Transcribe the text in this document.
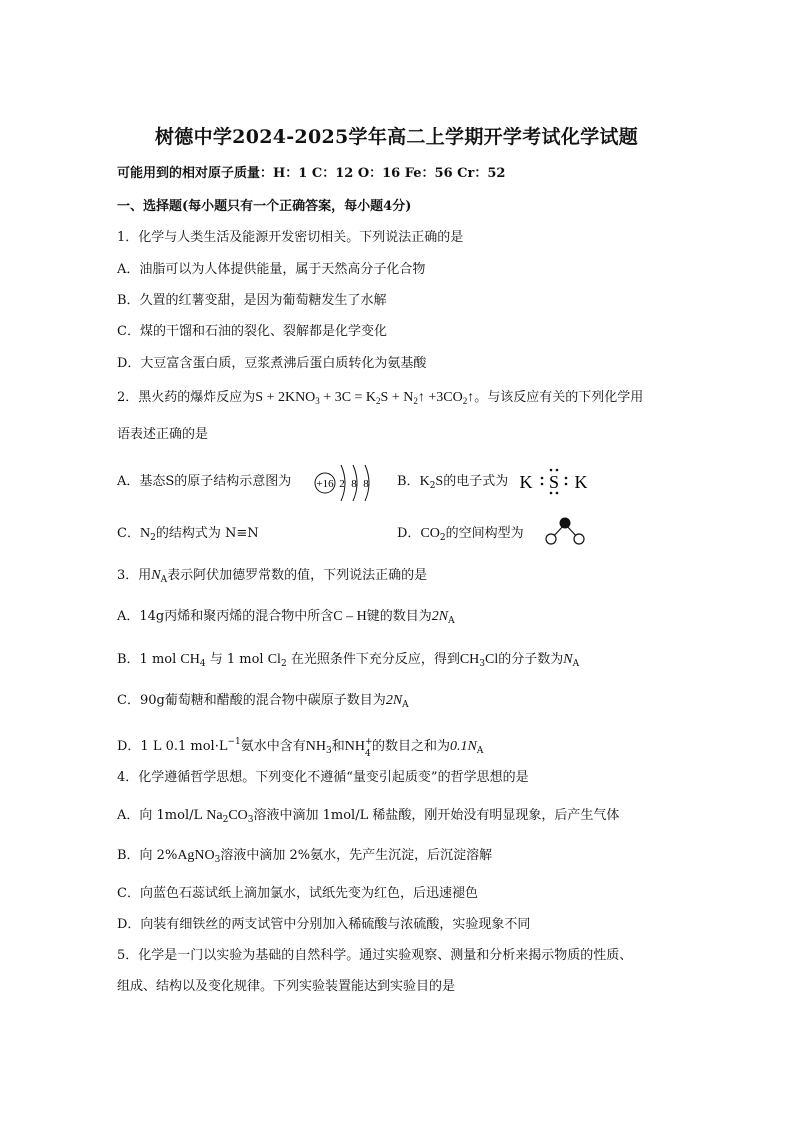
树德中学2024-2025学年高二上学期开学考试化学试题
可能用到的相对原子质量：H：1 C：12 O：16 Fe：56 Cr：52
一、选择题(每小题只有一个正确答案，每小题4分)
1．化学与人类生活及能源开发密切相关。下列说法正确的是
A．油脂可以为人体提供能量，属于天然高分子化合物
B．久置的红薯变甜，是因为葡萄糖发生了水解
C．煤的干馏和石油的裂化、裂解都是化学变化
D．大豆富含蛋白质，豆浆煮沸后蛋白质转化为氨基酸
2．黑火药的爆炸反应为$S + 2KNO_3 + 3C = K_2S$ + $N_2↑$ $+3CO_2↑$。与该反应有关的下列化学用
语表述正确的是
A．基态S的原子结构示意图为 +16 2 8 8 B．$K_2S$的电子式为 K S K
C．$N_2$的结构式为 N≡N	D．$CO_2$的空间构型为
3．用$N_A$表示阿伏加德罗常数的值，下列说法正确的是
A．14g丙烯和聚丙烯的混合物中所含C – H键的数目为$2N_A$
B．1 mol $CH_4$ 与 1 mol $Cl_2$ 在光照条件下充分反应，得到$CH_3Cl$的分子数为$N_A$
C．90g葡萄糖和醋酸的混合物中碳原子数目为$2N_A$
D．1 L 0.1 $mol\cdot L^{-1}$氨水中含有$NH_3$和NH +
4 的数目之和为$0.1N_A$
4．化学遵循哲学思想。下列变化不遵循“量变引起质变”的哲学思想的是
A．向 1mol/L $Na_2CO_3$溶液中滴加 1mol/L 稀盐酸，刚开始没有明显现象，后产生气体
B．向 2%AgNO$_3$溶液中滴加 2%氨水，先产生沉淀，后沉淀溶解
C．向蓝色石蕊试纸上滴加氯水，试纸先变为红色，后迅速褪色
D．向装有细铁丝的两支试管中分别加入稀硫酸与浓硫酸，实验现象不同
5．化学是一门以实验为基础的自然科学。通过实验观察、测量和分析来揭示物质的性质、
组成、结构以及变化规律。下列实验装置能达到实验目的是
